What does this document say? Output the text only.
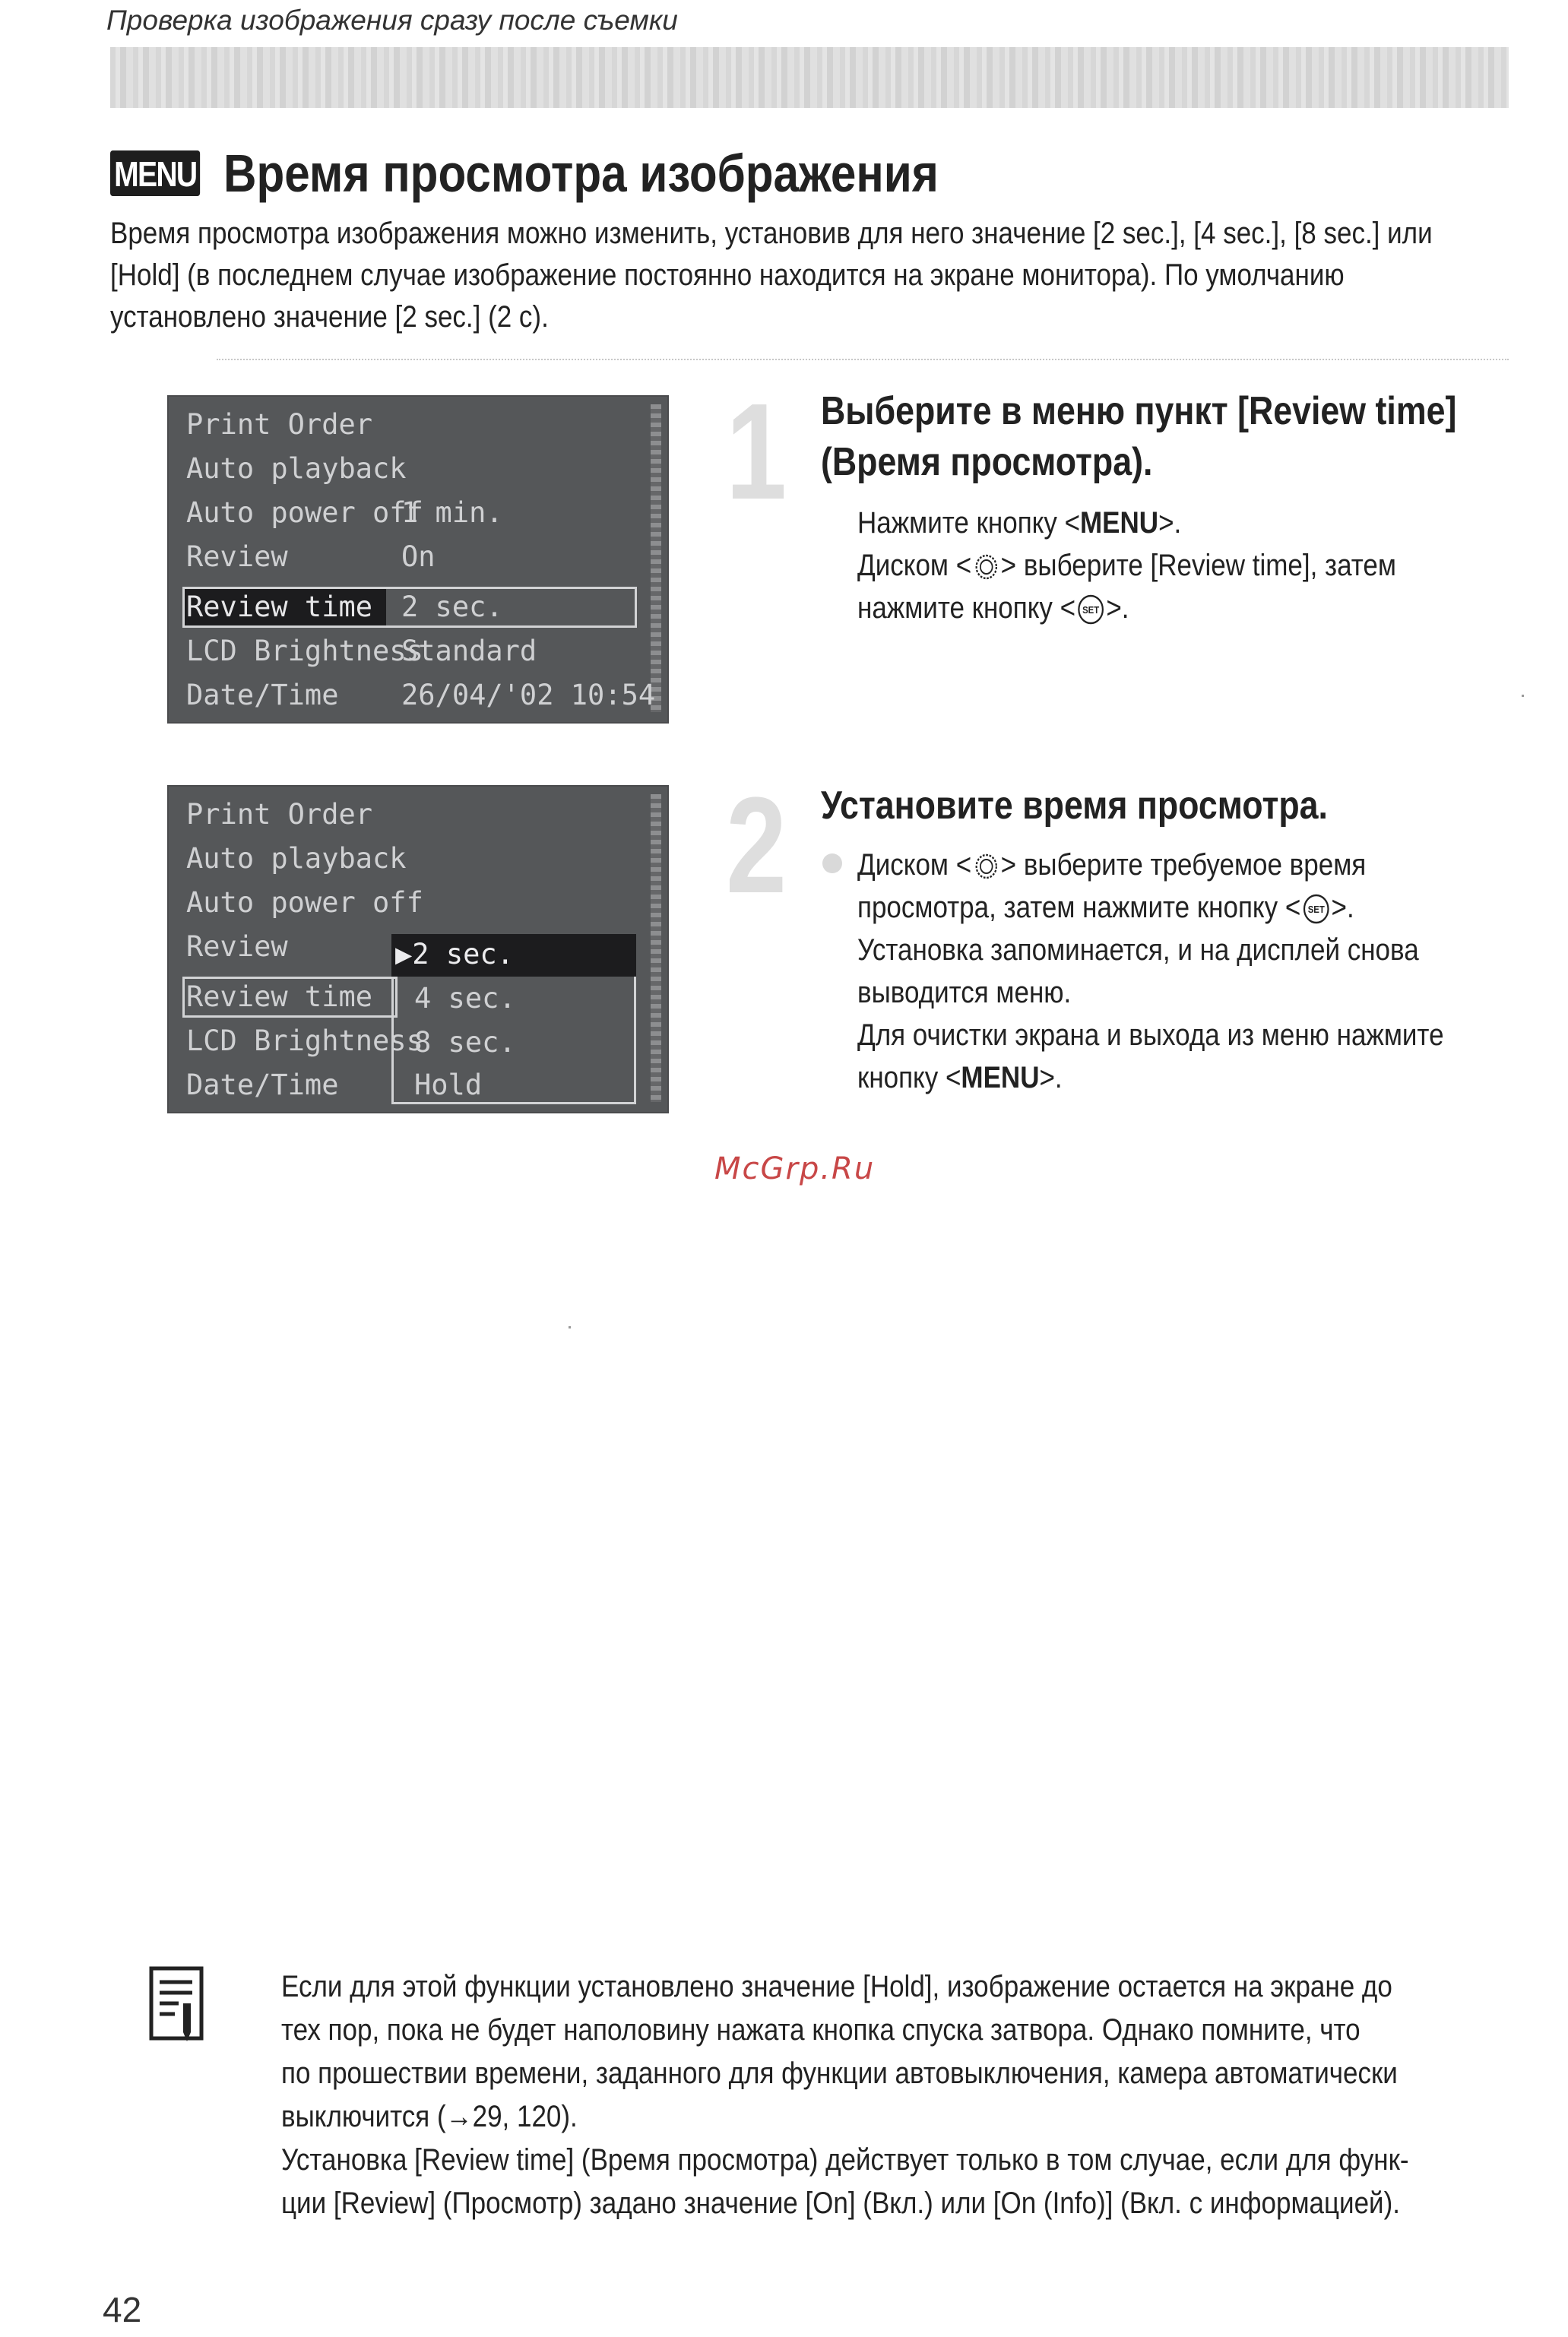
Проверка изображения сразу после съемки
MENU Время просмотра изображения
Время просмотра изображения можно изменить, установив для него значение [2 sec.], [4 sec.], [8 sec.] или [Hold] (в последнем случае изображение постоянно находится на экране монитора). По умолчанию установлено значение [2 sec.] (2 с).
Print Order
Auto playback
Auto power off
1 min.
Review	On
Review time 2 sec.
LCD Brightness
Standard
Date/Time 26/04/'02 10:54
Print Order
Auto playback
Auto power off
Review
Review time
LCD Brightness
Date/Time
▶2 sec.
4 sec.
8 sec.
Hold
1 Выберите в меню пункт [Review time] (Время просмотра).
Нажмите кнопку <MENU>.
Диском < > выберите [Review time], затем
нажмите кнопку < SET >.
2 Установите время просмотра.
Диском < > выберите требуемое время
просмотра, затем нажмите кнопку < SET >.
Установка запоминается, и на дисплей снова
выводится меню.
Для очистки экрана и выхода из меню нажмите
кнопку <MENU>.
McGrp.Ru
Если для этой функции установлено значение [Hold], изображение остается на экране до
тех пор, пока не будет наполовину нажата кнопка спуска затвора. Однако помните, что
по прошествии времени, заданного для функции автовыключения, камера автоматически
выключится (→29, 120).
Установка [Review time] (Время просмотра) действует только в том случае, если для функ-
ции [Review] (Просмотр) задано значение [On] (Вкл.) или [On (Info)] (Вкл. с информацией).
42
